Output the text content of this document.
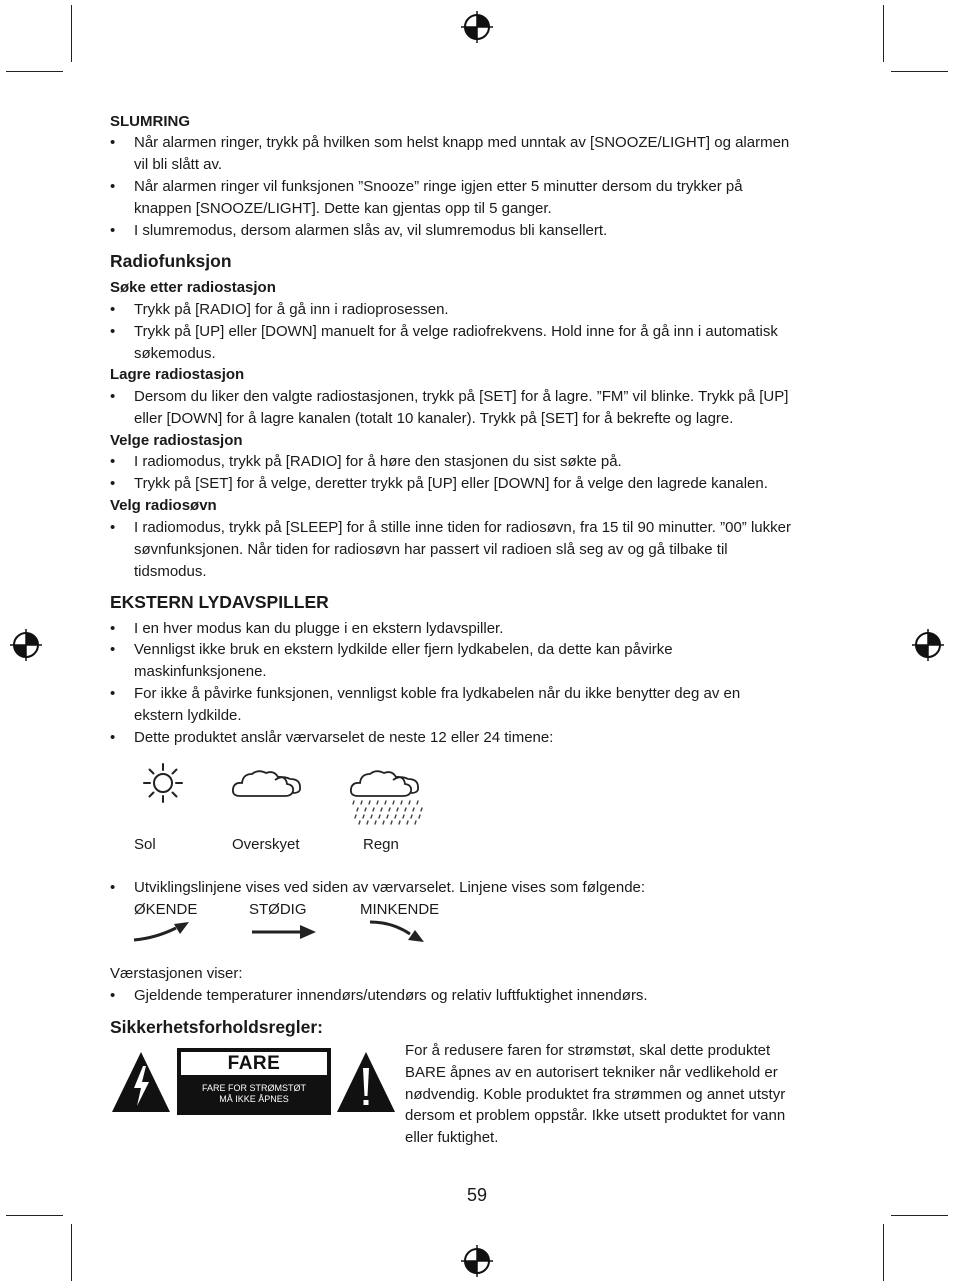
SLUMRING
• Når alarmen ringer, trykk på hvilken som helst knapp med unntak av [SNOOZE/LIGHT] og alarmen
vil bli slått av.
• Når alarmen ringer vil funksjonen ”Snooze” ringe igjen etter 5 minutter dersom du trykker på
knappen [SNOOZE/LIGHT]. Dette kan gjentas opp til 5 ganger.
• I slumremodus, dersom alarmen slås av, vil slumremodus bli kansellert.
Radiofunksjon
Søke etter radiostasjon
• Trykk på [RADIO] for å gå inn i radioprosessen.
• Trykk på [UP] eller [DOWN] manuelt for å velge radiofrekvens. Hold inne for å gå inn i automatisk
søkemodus.
Lagre radiostasjon
• Dersom du liker den valgte radiostasjonen, trykk på [SET] for å lagre. ”FM” vil blinke. Trykk på [UP]
eller [DOWN] for å lagre kanalen (totalt 10 kanaler). Trykk på [SET] for å bekrefte og lagre.
Velge radiostasjon
• I radiomodus, trykk på [RADIO] for å høre den stasjonen du sist søkte på.
• Trykk på [SET] for å velge, deretter trykk på [UP] eller [DOWN] for å velge den lagrede kanalen.
Velg radiosøvn
• I radiomodus, trykk på [SLEEP] for å stille inne tiden for radiosøvn, fra 15 til 90 minutter. ”00” lukker
søvnfunksjonen. Når tiden for radiosøvn har passert vil radioen slå seg av og gå tilbake til
tidsmodus.
EKSTERN LYDAVSPILLER
• I en hver modus kan du plugge i en ekstern lydavspiller.
• Vennligst ikke bruk en ekstern lydkilde eller fjern lydkabelen, da dette kan påvirke
maskinfunksjonene.
• For ikke å påvirke funksjonen, vennligst koble fra lydkabelen når du ikke benytter deg av en
ekstern lydkilde.
• Dette produktet anslår værvarselet de neste 12 eller 24 timene:
Sol	Overskyet	Regn
• Utviklingslinjene vises ved siden av værvarselet. Linjene vises som følgende:
ØKENDE	STØDIG	MINKENDE
Værstasjonen viser:
• Gjeldende temperaturer innendørs/utendørs og relativ luftfuktighet innendørs.
Sikkerhetsforholdsregler:
FARE
FARE FOR STRØMSTØT
MÅ IKKE ÅPNES
For å redusere faren for strømstøt, skal dette produktet
BARE åpnes av en autorisert tekniker når vedlikehold er
nødvendig. Koble produktet fra strømmen og annet utstyr
dersom et problem oppstår. Ikke utsett produktet for vann
eller fuktighet.
59
